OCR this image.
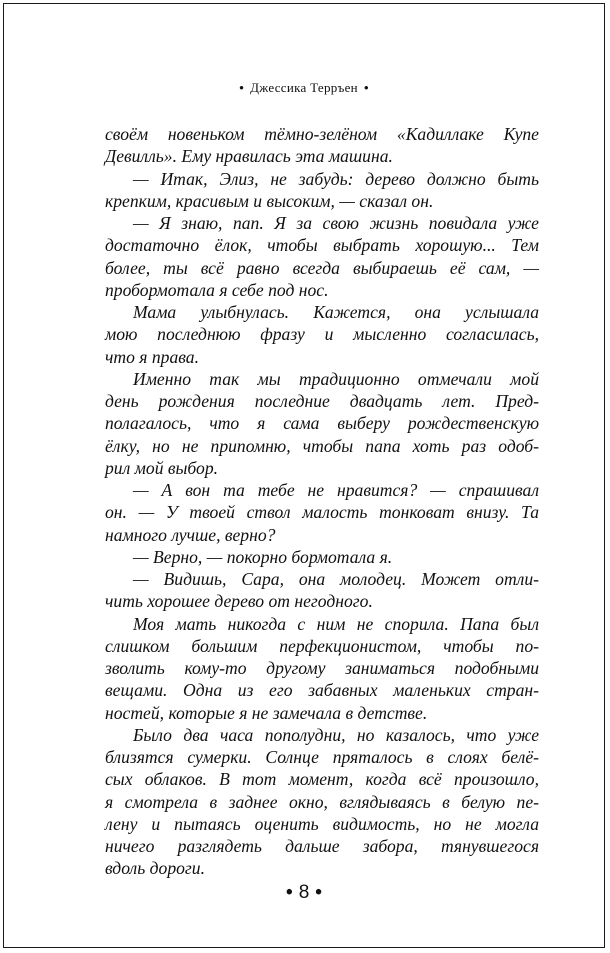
• Джессика Терръен •
своём новеньком тёмно-зелёном «Кадиллаке Купе
Девилль». Ему нравилась эта машина.
— Итак, Элиз, не забудь: дерево должно быть
крепким, красивым и высоким, — сказал он.
— Я знаю, пап. Я за свою жизнь повидала уже
достаточно ёлок, чтобы выбрать хорошую... Тем
более, ты всё равно всегда выбираешь её сам, —
пробормотала я себе под нос.
Мама улыбнулась. Кажется, она услышала
мою последнюю фразу и мысленно согласилась,
что я права.
Именно так мы традиционно отмечали мой
день рождения последние двадцать лет. Пред-
полагалось, что я сама выберу рождественскую
ёлку, но не припомню, чтобы папа хоть раз одоб-
рил мой выбор.
— А вон та тебе не нравится? — спрашивал
он. — У твоей ствол малость тонковат внизу. Та
намного лучше, верно?
— Верно, — покорно бормотала я.
— Видишь, Сара, она молодец. Может отли-
чить хорошее дерево от негодного.
Моя мать никогда с ним не спорила. Папа был
слишком большим перфекционистом, чтобы по-
зволить кому-то другому заниматься подобными
вещами. Одна из его забавных маленьких стран-
ностей, которые я не замечала в детстве.
Было два часа пополудни, но казалось, что уже
близятся сумерки. Солнце пряталось в слоях белё-
сых облаков. В тот момент, когда всё произошло,
я смотрела в заднее окно, вглядываясь в белую пе-
лену и пытаясь оценить видимость, но не могла
ничего разглядеть дальше забора, тянувшегося
вдоль дороги.
• 8 •
